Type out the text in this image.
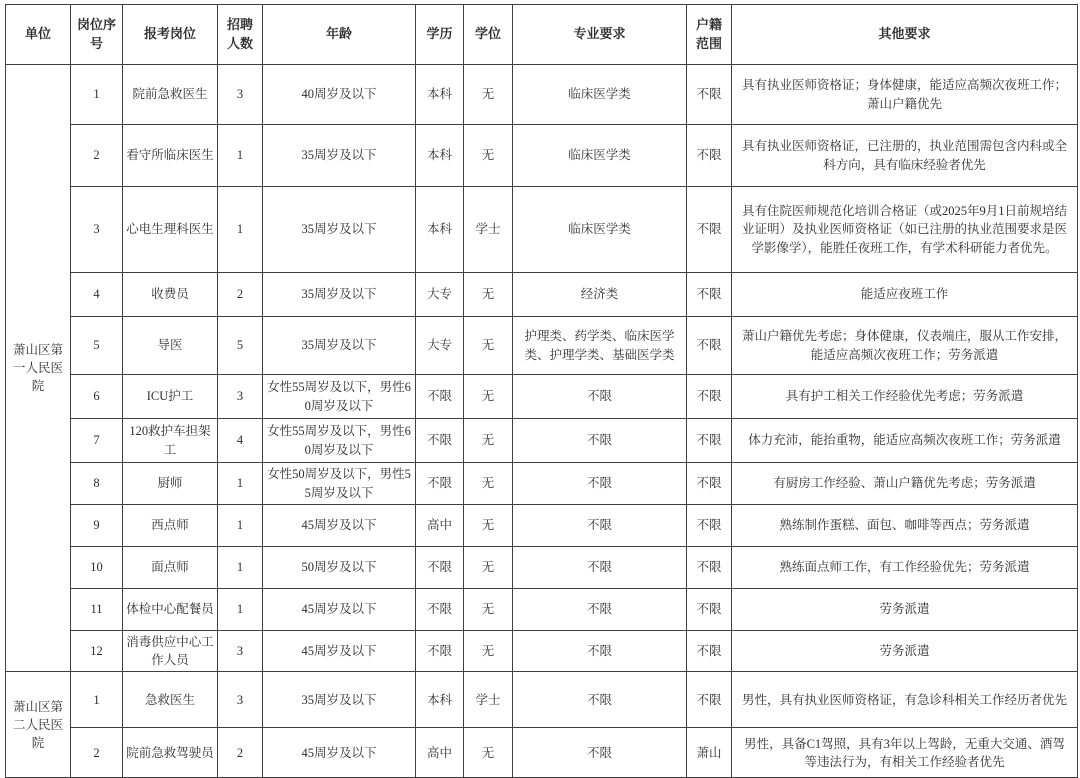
单位	岗位序号	报考岗位	招聘人数	年龄	学历	学位	专业要求	户籍范围	其他要求
萧山区第一人民医院	1	院前急救医生	3	40周岁及以下	本科	无	临床医学类	不限	具有执业医师资格证；身体健康，能适应高频次夜班工作；萧山户籍优先
	2	看守所临床医生	1	35周岁及以下	本科	无	临床医学类	不限	具有执业医师资格证，已注册的，执业范围需包含内科或全科方向，具有临床经验者优先
	3	心电生理科医生	1	35周岁及以下	本科	学士	临床医学类	不限	具有住院医师规范化培训合格证（或2025年9月1日前规培结业证明）及执业医师资格证（如已注册的执业范围要求是医学影像学），能胜任夜班工作，有学术科研能力者优先。
	4	收费员	2	35周岁及以下	大专	无	经济类	不限	能适应夜班工作
	5	导医	5	35周岁及以下	大专	无	护理类、药学类、临床医学类、护理学类、基础医学类	不限	萧山户籍优先考虑；身体健康，仪表端庄，服从工作安排，能适应高频次夜班工作；劳务派遣
	6	ICU护工	3	女性55周岁及以下，男性60周岁及以下	不限	无	不限	不限	具有护工相关工作经验优先考虑；劳务派遣
	7	120救护车担架工	4	女性55周岁及以下，男性60周岁及以下	不限	无	不限	不限	体力充沛，能抬重物，能适应高频次夜班工作；劳务派遣
	8	厨师	1	女性50周岁及以下，男性55周岁及以下	不限	无	不限	不限	有厨房工作经验、萧山户籍优先考虑；劳务派遣
	9	西点师	1	45周岁及以下	高中	无	不限	不限	熟练制作蛋糕、面包、咖啡等西点；劳务派遣
	10	面点师	1	50周岁及以下	不限	无	不限	不限	熟练面点师工作，有工作经验优先；劳务派遣
	11	体检中心配餐员	1	45周岁及以下	不限	无	不限	不限	劳务派遣
	12	消毒供应中心工作人员	3	45周岁及以下	不限	无	不限	不限	劳务派遣
萧山区第二人民医院	1	急救医生	3	35周岁及以下	本科	学士	不限	不限	男性，具有执业医师资格证，有急诊科相关工作经历者优先
	2	院前急救驾驶员	2	45周岁及以下	高中	无	不限	萧山	男性，具备C1驾照，具有3年以上驾龄，无重大交通、酒驾等违法行为，有相关工作经验者优先
